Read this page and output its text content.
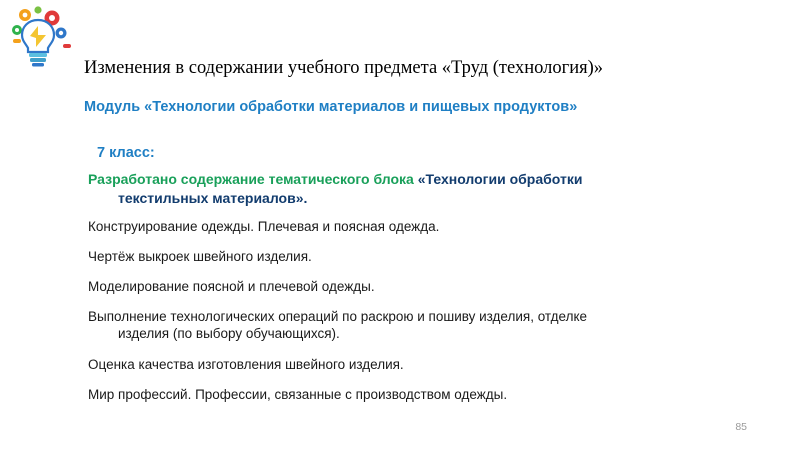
Изменения в содержании учебного предмета «Труд (технология)»
Модуль «Технологии обработки материалов и пищевых продуктов»
7 класс:

Разработано содержание тематического блока «Технологии обработки
текстильных материалов».

Конструирование одежды. Плечевая и поясная одежда.

Чертёж выкроек швейного изделия.

Моделирование поясной и плечевой одежды.

Выполнение технологических операций по раскрою и пошиву изделия, отделке
изделия (по выбору обучающихся).

Оценка качества изготовления швейного изделия.

Мир профессий. Профессии, связанные с производством одежды.

85
